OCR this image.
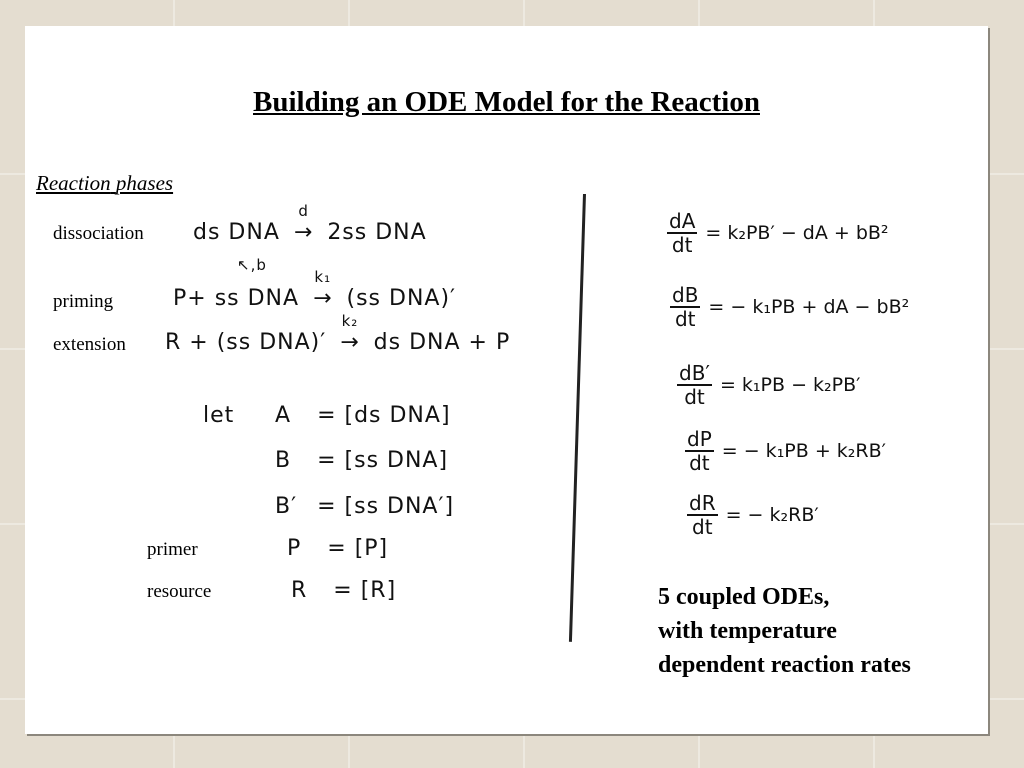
Building an ODE Model for the Reaction
Reaction phases
dissociation
priming
extension
ds DNA
d
→ 2ss DNA
↖,b
P+ ss DNA
k₁
→ (ss DNA)′
R + (ss DNA)′
k₂
→ ds DNA + P
let A = [ds DNA]
B = [ss DNA]
B′ = [ss DNA′]
primer	P = [P]
resource	R = [R]
$\frac{dA}{dt} = k_2PB'$ − dA + bB²
$\frac{dB}{dt}$ = − k₁PB + dA − bB²
$\frac{dB'}{dt} = k_1PB - k_2PB'$
$\frac{dP}{dt}$ = − k₁PB + k₂RB′
$\frac{dR}{dt}$ = − k₂RB′
5 coupled ODEs,
with temperature
dependent reaction rates
